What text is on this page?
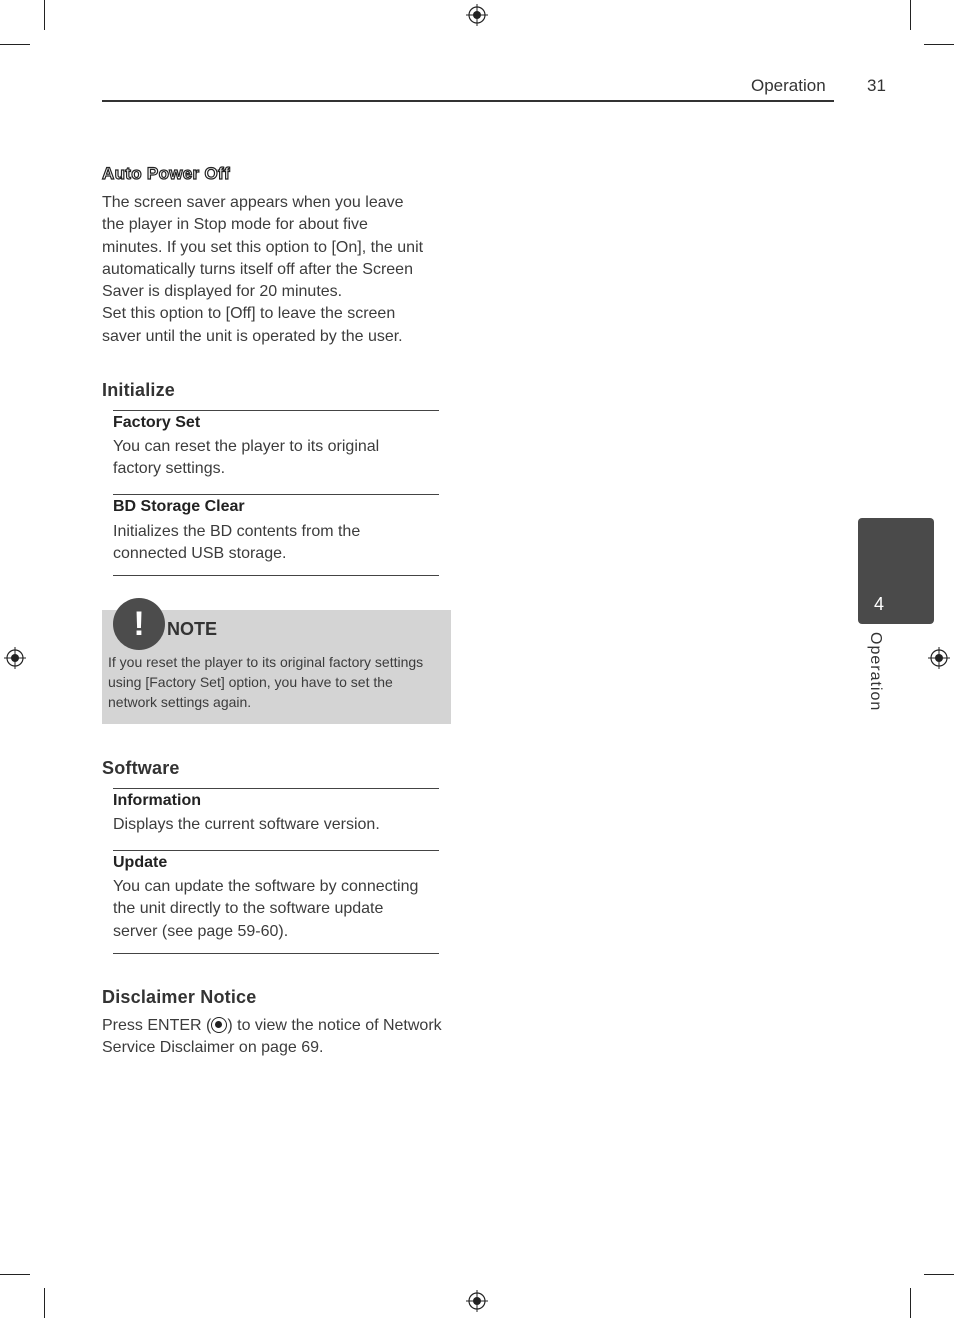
Operation 31
Auto Power Off
The screen saver appears when you leave
the player in Stop mode for about five
minutes. If you set this option to [On], the unit
automatically turns itself off after the Screen
Saver is displayed for 20 minutes.
Set this option to [Off] to leave the screen
saver until the unit is operated by the user.
Initialize
Factory Set
You can reset the player to its original
factory settings.
BD Storage Clear
Initializes the BD contents from the
connected USB storage.
!	NOTE
If you reset the player to its original factory settings
using [Factory Set] option, you have to set the
network settings again.
Software
Information
Displays the current software version.
Update
You can update the software by connecting
the unit directly to the software update
server (see page 59-60).
Disclaimer Notice
Press ENTER ( ) to view the notice of Network
Service Disclaimer on page 69.
4
Operation
